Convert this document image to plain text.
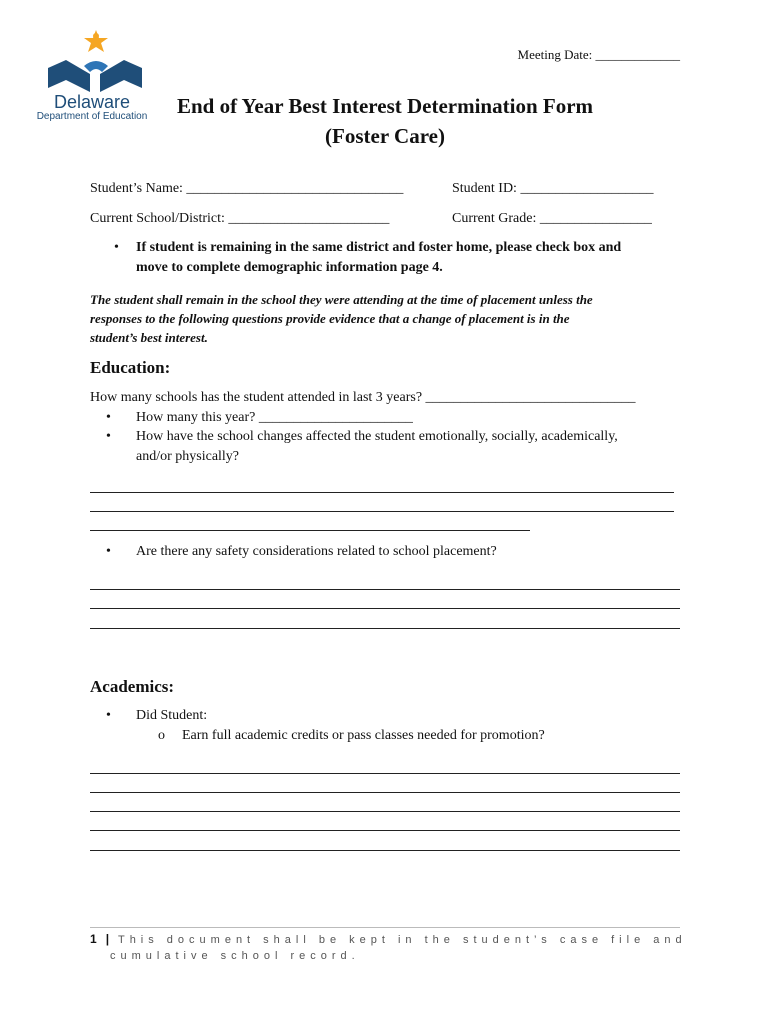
Delaware
Department of Education
Meeting Date: _____________
End of Year Best Interest Determination Form
(Foster Care)
Student’s Name: _______________________________	Student ID: ___________________
Current School/District: _______________________	Current Grade: ________________
• If student is remaining in the same district and foster home, please check box and
move to complete demographic information page 4.
The student shall remain in the school they were attending at the time of placement unless the
responses to the following questions provide evidence that a change of placement is in the
student’s best interest.
Education:
How many schools has the student attended in last 3 years? ______________________________
• How many this year? ______________________
• How have the school changes affected the student emotionally, socially, academically,
and/or physically?
• Are there any safety considerations related to school placement?
Academics:
• Did Student:
o Earn full academic credits or pass classes needed for promotion?
1 | This document shall be kept in the student’s case file and
cumulative school record.
